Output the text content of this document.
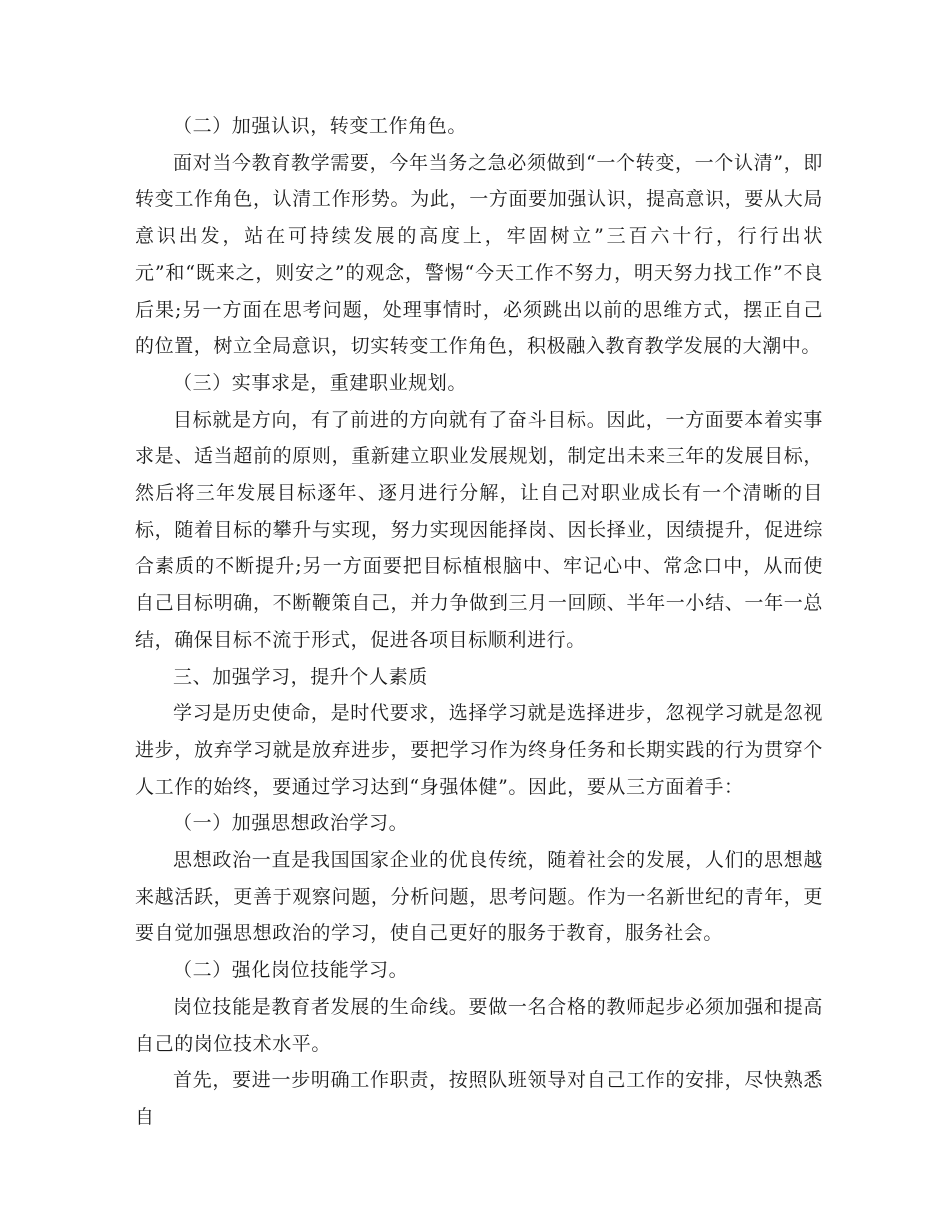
（二）加强认识，转变工作角色。

面对当今教育教学需要，今年当务之急必须做到“一个转变，一个认清”，即转变工作角色，认清工作形势。为此，一方面要加强认识，提高意识，要从大局意识出发，站在可持续发展的高度上，牢固树立”三百六十行，行行出状元”和“既来之，则安之”的观念，警惕“今天工作不努力，明天努力找工作”不良后果;另一方面在思考问题，处理事情时，必须跳出以前的思维方式，摆正自己的位置，树立全局意识，切实转变工作角色，积极融入教育教学发展的大潮中。

（三）实事求是，重建职业规划。

目标就是方向，有了前进的方向就有了奋斗目标。因此，一方面要本着实事求是、适当超前的原则，重新建立职业发展规划，制定出未来三年的发展目标，然后将三年发展目标逐年、逐月进行分解，让自己对职业成长有一个清晰的目标，随着目标的攀升与实现，努力实现因能择岗、因长择业，因绩提升，促进综合素质的不断提升;另一方面要把目标植根脑中、牢记心中、常念口中，从而使自己目标明确，不断鞭策自己，并力争做到三月一回顾、半年一小结、一年一总结，确保目标不流于形式，促进各项目标顺利进行。

三、加强学习，提升个人素质

学习是历史使命，是时代要求，选择学习就是选择进步，忽视学习就是忽视进步，放弃学习就是放弃进步，要把学习作为终身任务和长期实践的行为贯穿个人工作的始终，要通过学习达到“身强体健”。因此，要从三方面着手：

（一）加强思想政治学习。

思想政治一直是我国国家企业的优良传统，随着社会的发展，人们的思想越来越活跃，更善于观察问题，分析问题，思考问题。作为一名新世纪的青年，更要自觉加强思想政治的学习，使自己更好的服务于教育，服务社会。

（二）强化岗位技能学习。

岗位技能是教育者发展的生命线。要做一名合格的教师起步必须加强和提高自己的岗位技术水平。

首先，要进一步明确工作职责，按照队班领导对自己工作的安排，尽快熟悉自
